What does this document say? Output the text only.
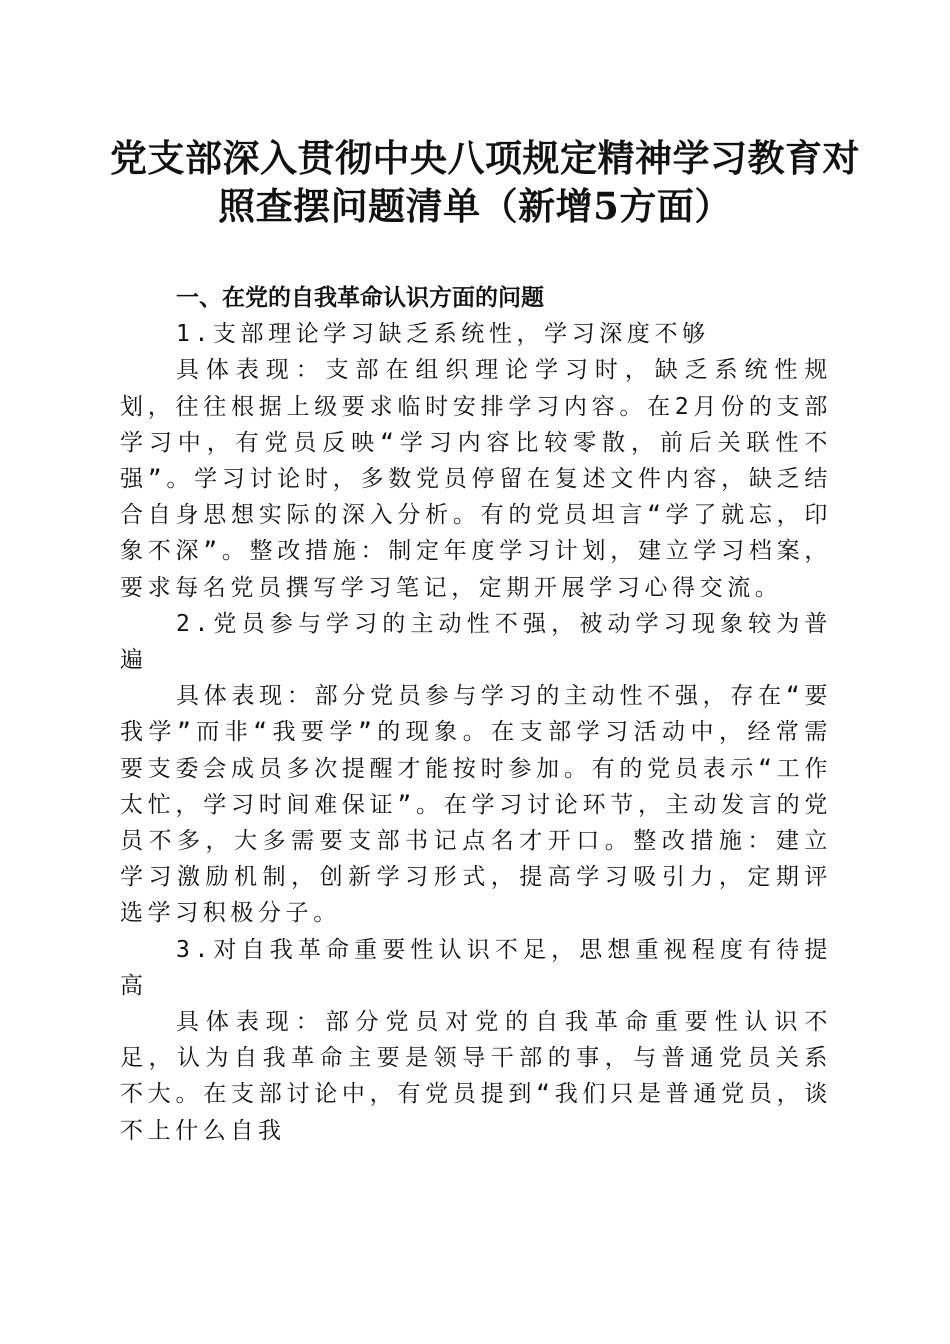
党支部深入贯彻中央八项规定精神学习教育对
照查摆问题清单（新增5方面）

一、在党的自我革命认识方面的问题

1.支部理论学习缺乏系统性，学习深度不够

具体表现：支部在组织理论学习时，缺乏系统性规划，往往根据上级要求临时安排学习内容。在2月份的支部学习中，有党员反映“学习内容比较零散，前后关联性不强”。学习讨论时，多数党员停留在复述文件内容，缺乏结合自身思想实际的深入分析。有的党员坦言“学了就忘，印象不深”。整改措施：制定年度学习计划，建立学习档案，要求每名党员撰写学习笔记，定期开展学习心得交流。

2.党员参与学习的主动性不强，被动学习现象较为普遍

具体表现：部分党员参与学习的主动性不强，存在“要我学”而非“我要学”的现象。在支部学习活动中，经常需要支委会成员多次提醒才能按时参加。有的党员表示“工作太忙，学习时间难保证”。在学习讨论环节，主动发言的党员不多，大多需要支部书记点名才开口。整改措施：建立学习激励机制，创新学习形式，提高学习吸引力，定期评选学习积极分子。

3.对自我革命重要性认识不足，思想重视程度有待提高

具体表现：部分党员对党的自我革命重要性认识不足，认为自我革命主要是领导干部的事，与普通党员关系不大。在支部讨论中，有党员提到“我们只是普通党员，谈不上什么自我
